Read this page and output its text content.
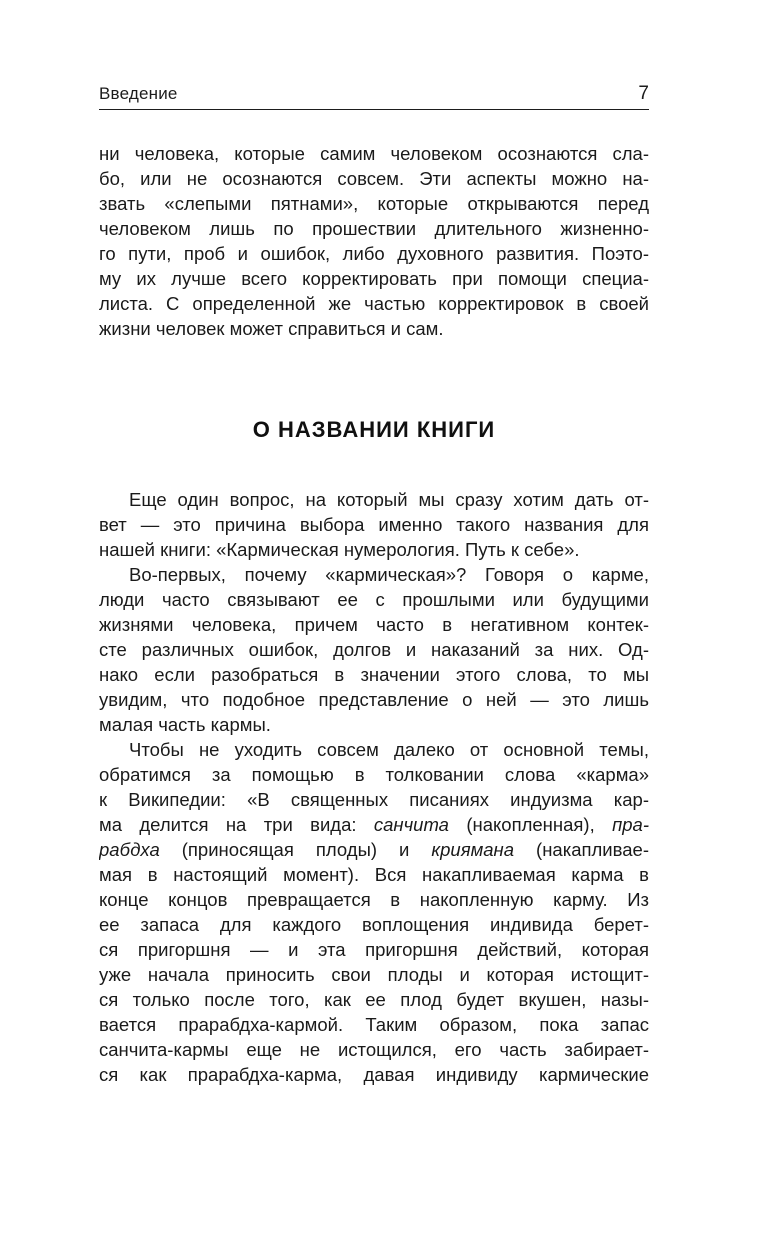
Введение	7
ни человека, которые самим человеком осознаются сла-
бо, или не осознаются совсем. Эти аспекты можно на-
звать «слепыми пятнами», которые открываются перед
человеком лишь по прошествии длительного жизненно-
го пути, проб и ошибок, либо духовного развития. Поэто-
му их лучше всего корректировать при помощи специа-
листа. С определенной же частью корректировок в своей
жизни человек может справиться и сам.
О НАЗВАНИИ КНИГИ
Еще один вопрос, на который мы сразу хотим дать от-
вет — это причина выбора именно такого названия для
нашей книги: «Кармическая нумерология. Путь к себе».
Во-первых, почему «кармическая»? Говоря о карме,
люди часто связывают ее с прошлыми или будущими
жизнями человека, причем часто в негативном контек-
сте различных ошибок, долгов и наказаний за них. Од-
нако если разобраться в значении этого слова, то мы
увидим, что подобное представление о ней — это лишь
малая часть кармы.
Чтобы не уходить совсем далеко от основной темы,
обратимся за помощью в толковании слова «карма»
к Википедии: «В священных писаниях индуизма кар-
ма делится на три вида: санчита (накопленная), пра-
рабдха (приносящая плоды) и криямана (накапливае-
мая в настоящий момент). Вся накапливаемая карма в
конце концов превращается в накопленную карму. Из
ее запаса для каждого воплощения индивида берет-
ся пригоршня — и эта пригоршня действий, которая
уже начала приносить свои плоды и которая истощит-
ся только после того, как ее плод будет вкушен, назы-
вается прарабдха-кармой. Таким образом, пока запас
санчита-кармы еще не истощился, его часть забирает-
ся как прарабдха-карма, давая индивиду кармические
